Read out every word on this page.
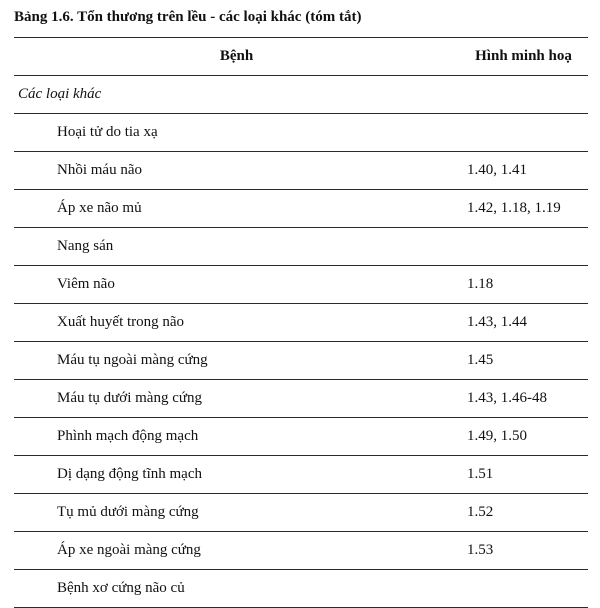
Bảng 1.6. Tổn thương trên lều - các loại khác (tóm tắt)
Bệnh	Hình minh hoạ
Các loại khác
Hoại tử do tia xạ
Nhồi máu não	1.40, 1.41
Áp xe não mủ	1.42, 1.18, 1.19
Nang sán
Viêm não	1.18
Xuất huyết trong não	1.43, 1.44
Máu tụ ngoài màng cứng	1.45
Máu tụ dưới màng cứng	1.43, 1.46-48
Phình mạch động mạch	1.49, 1.50
Dị dạng động tĩnh mạch	1.51
Tụ mủ dưới màng cứng	1.52
Áp xe ngoài màng cứng	1.53
Bệnh xơ cứng não củ
